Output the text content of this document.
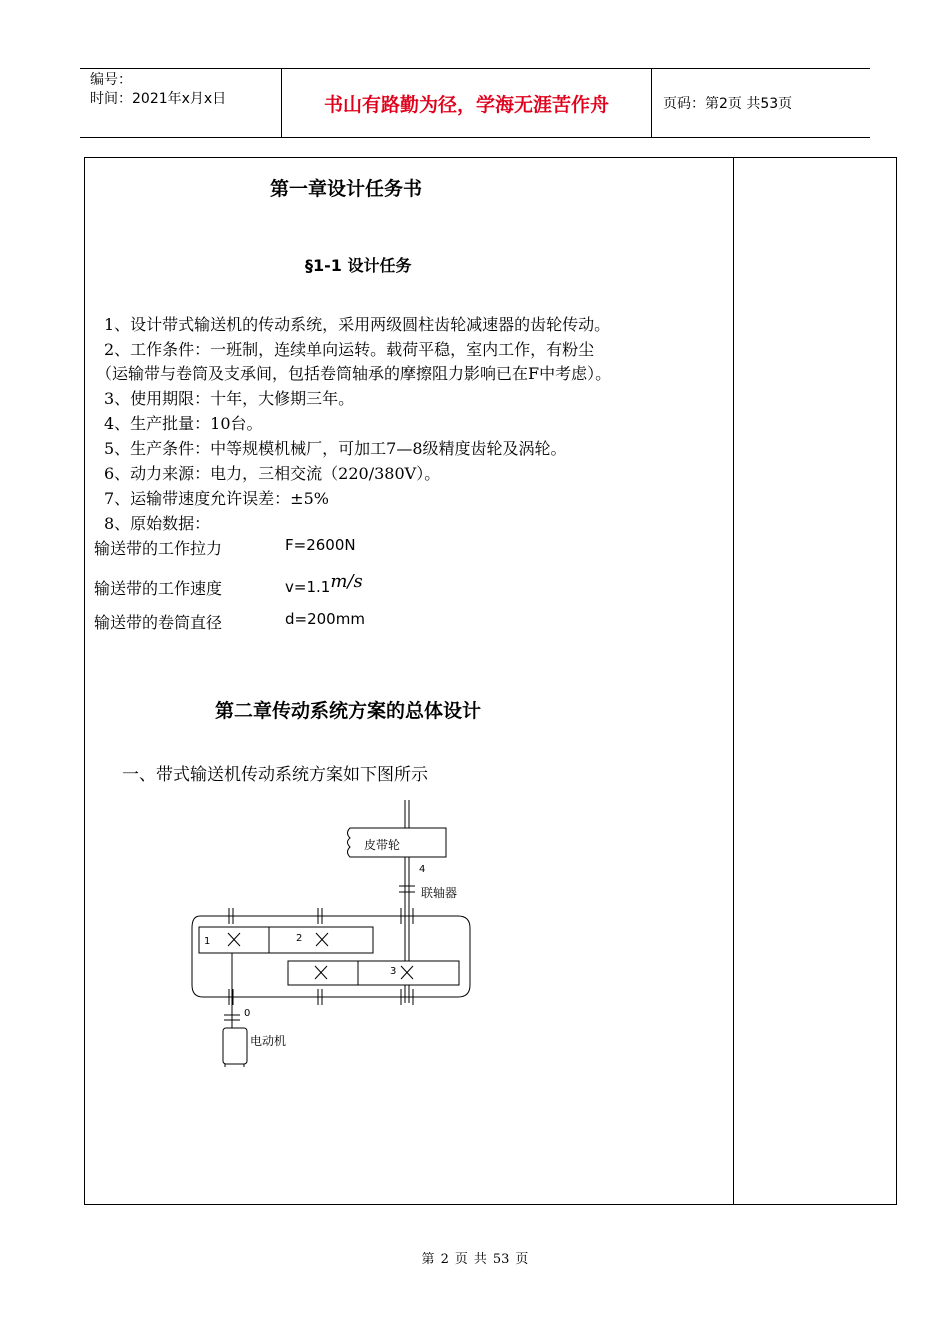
编号：
时间：2021年x月x日	书山有路勤为径，学海无涯苦作舟	页码：第2页 共53页
第一章设计任务书
§1-1 设计任务
1、设计带式输送机的传动系统，采用两级圆柱齿轮减速器的齿轮传动。
2、工作条件：一班制，连续单向运转。载荷平稳，室内工作，有粉尘
（运输带与卷筒及支承间，包括卷筒轴承的摩擦阻力影响已在F中考虑）。
3、使用期限：十年，大修期三年。
4、生产批量：10台。
5、生产条件：中等规模机械厂，可加工7—8级精度齿轮及涡轮。
6、动力来源：电力，三相交流（220/380V）。
7、运输带速度允许误差：±5%
8、原始数据：
输送带的工作拉力	F=2600N
输送带的工作速度	v=1.1m/s
输送带的卷筒直径	d=200mm
第二章传动系统方案的总体设计
一、带式输送机传动系统方案如下图所示
皮带轮
4
联轴器
1	2
3
0
电动机
第 2 页 共 53 页
